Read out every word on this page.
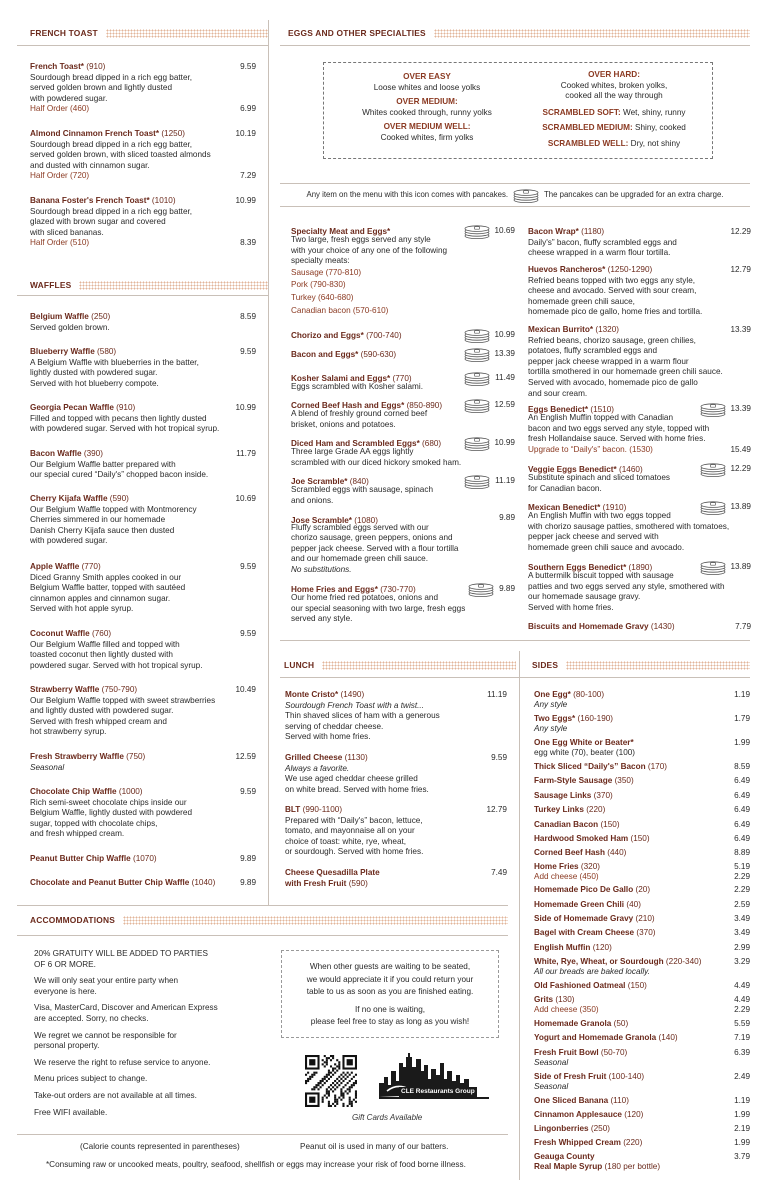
FRENCH TOAST
French Toast* (910)	9.59
Sourdough bread dipped in a rich egg batter,
served golden brown and lightly dusted
with powdered sugar.
Half Order (460)	6.99
Almond Cinnamon French Toast* (1250)	10.19
Sourdough bread dipped in a rich egg batter,
served golden brown, with sliced toasted almonds
and dusted with cinnamon sugar.
Half Order (720)	7.29
Banana Foster's French Toast* (1010)	10.99
Sourdough bread dipped in a rich egg batter,
glazed with brown sugar and covered
with sliced bananas.
Half Order (510)	8.39
WAFFLES
Belgium Waffle (250)	8.59
Served golden brown.
Blueberry Waffle (580)	9.59
A Belgium Waffle with blueberries in the batter,
lightly dusted with powdered sugar.
Served with hot blueberry compote.
Georgia Pecan Waffle (910)	10.99
Filled and topped with pecans then lightly dusted
with powdered sugar. Served with hot tropical syrup.
Bacon Waffle (390)	11.79
Our Belgium Waffle batter prepared with
our special cured “Daily's” chopped bacon inside.
Cherry Kijafa Waffle (590)	10.69
Our Belgium Waffle topped with Montmorency
Cherries simmered in our homemade
Danish Cherry Kijafa sauce then dusted
with powdered sugar.
Apple Waffle (770)	9.59
Diced Granny Smith apples cooked in our
Belgium Waffle batter, topped with sautéed
cinnamon apples and cinnamon sugar.
Served with hot apple syrup.
Coconut Waffle (760)	9.59
Our Belgium Waffle filled and topped with
toasted coconut then lightly dusted with
powdered sugar. Served with hot tropical syrup.
Strawberry Waffle (750-790)	10.49
Our Belgium Waffle topped with sweet strawberries
and lightly dusted with powdered sugar.
Served with fresh whipped cream and
hot strawberry syrup.
Fresh Strawberry Waffle (750)	12.59
Seasonal
Chocolate Chip Waffle (1000)	9.59
Rich semi-sweet chocolate chips inside our
Belgium Waffle, lightly dusted with powdered
sugar, topped with chocolate chips,
and fresh whipped cream.
Peanut Butter Chip Waffle (1070)	9.89
Chocolate and Peanut Butter Chip Waffle (1040)	9.89
EGGS AND OTHER SPECIALTIES
OVER EASY
Loose whites and loose yolks
OVER MEDIUM:
Whites cooked through, runny yolks
OVER MEDIUM WELL:
Cooked whites, firm yolks
OVER HARD:
Cooked whites, broken yolks,
cooked all the way through
SCRAMBLED SOFT: Wet, shiny, runny
SCRAMBLED MEDIUM: Shiny, cooked
SCRAMBLED WELL: Dry, not shiny
Any item on the menu with this icon comes with pancakes.	The pancakes can be upgraded for an extra charge.
Specialty Meat and Eggs*	10.69
Two large, fresh eggs served any style
with your choice of any one of the following
specialty meats:
Sausage (770-810)
Pork (790-830)
Turkey (640-680)
Canadian bacon (570-610)
Chorizo and Eggs* (700-740)	10.99
Bacon and Eggs* (590-630)	13.39
Kosher Salami and Eggs* (770)	11.49
Eggs scrambled with Kosher salami.
Corned Beef Hash and Eggs* (850-890)	12.59
A blend of freshly ground corned beef
brisket, onions and potatoes.
Diced Ham and Scrambled Eggs* (680)	10.99
Three large Grade AA eggs lightly
scrambled with our diced hickory smoked ham.
Joe Scramble* (840)	11.19
Scrambled eggs with sausage, spinach
and onions.
Jose Scramble* (1080)	9.89
Fluffy scrambled eggs served with our
chorizo sausage, green peppers, onions and
pepper jack cheese. Served with a flour tortilla
and our homemade green chili sauce.
No substitutions.
Home Fries and Eggs* (730-770)	9.89
Our home fried red potatoes, onions and
our special seasoning with two large, fresh eggs
served any style.
Bacon Wrap* (1180)	12.29
Daily's” bacon, fluffy scrambled eggs and
cheese wrapped in a warm flour tortilla.
Huevos Rancheros* (1250-1290)	12.79
Refried beans topped with two eggs any style,
cheese and avocado. Served with sour cream,
homemade green chili sauce,
homemade pico de gallo, home fries and tortilla.
Mexican Burrito* (1320)	13.39
Refried beans, chorizo sausage, green chilies,
potatoes, fluffy scrambled eggs and
pepper jack cheese wrapped in a warm flour
tortilla smothered in our homemade green chili sauce.
Served with avocado, homemade pico de gallo
and sour cream.
Eggs Benedict* (1510)	13.39
An English Muffin topped with Canadian
bacon and two eggs served any style, topped with
fresh Hollandaise sauce. Served with home fries.
Upgrade to “Daily's” bacon. (1530)	15.49
Veggie Eggs Benedict* (1460)	12.29
Substitute spinach and sliced tomatoes
for Canadian bacon.
Mexican Benedict* (1910)	13.89
An English Muffin with two eggs topped
with chorizo sausage patties, smothered with tomatoes,
pepper jack cheese and served with
homemade green chili sauce and avocado.
Southern Eggs Benedict* (1890)	13.89
A buttermilk biscuit topped with sausage
patties and two eggs served any style, smothered with
our homemade sausage gravy.
Served with home fries.
Biscuits and Homemade Gravy (1430)	7.79
LUNCH
Monte Cristo* (1490)	11.19
Sourdough French Toast with a twist...
Thin shaved slices of ham with a generous
serving of cheddar cheese.
Served with home fries.
Grilled Cheese (1130)	9.59
Always a favorite.
We use aged cheddar cheese grilled
on white bread. Served with home fries.
BLT (990-1100)	12.79
Prepared with “Daily's” bacon, lettuce,
tomato, and mayonnaise all on your
choice of toast: white, rye, wheat,
or sourdough. Served with home fries.
Cheese Quesadilla Plate
with Fresh Fruit (590)
7.49
SIDES
One Egg* (80-100)	1.19
Any style
Two Eggs* (160-190)	1.79
Any style
One Egg White or Beater*	1.99
egg white (70), beater (100)
Thick Sliced “Daily's” Bacon (170)	8.59
Farm-Style Sausage (350)	6.49
Sausage Links (370)	6.49
Turkey Links (220)	6.49
Canadian Bacon (150)	6.49
Hardwood Smoked Ham (150)	6.49
Corned Beef Hash (440)	8.89
Home Fries (320)	5.19
Add cheese (450)	2.29
Homemade Pico De Gallo (20)	2.29
Homemade Green Chili (40)	2.59
Side of Homemade Gravy (210)	3.49
Bagel with Cream Cheese (370)	3.49
English Muffin (120)	2.99
White, Rye, Wheat, or Sourdough (220-340)	3.29
All our breads are baked locally.
Old Fashioned Oatmeal (150)	4.49
Grits (130)	4.49
Add cheese (350)	2.29
Homemade Granola (50)	5.59
Yogurt and Homemade Granola (140)	7.19
Fresh Fruit Bowl (50-70)	6.39
Seasonal
Side of Fresh Fruit (100-140)	2.49
Seasonal
One Sliced Banana (110)	1.19
Cinnamon Applesauce (120)	1.99
Lingonberries (250)	2.19
Fresh Whipped Cream (220)	1.99
Geauga County
Real Maple Syrup (180 per bottle)
3.79
ACCOMMODATIONS

20% GRATUITY WILL BE ADDED TO PARTIES
OF 6 OR MORE.

We will only seat your entire party when
everyone is here.

Visa, MasterCard, Discover and American Express
are accepted. Sorry, no checks.

We regret we cannot be responsible for
personal property.

We reserve the right to refuse service to anyone.

Menu prices subject to change.

Take-out orders are not available at all times.

Free WIFI available.

When other guests are waiting to be seated,
we would appreciate it if you could return your
table to us as soon as you are finished eating.
If no one is waiting,
please feel free to stay as long as you wish!
CLE Restaurants Group
Gift Cards Available
(Calorie counts represented in parentheses)	Peanut oil is used in many of our batters.
*Consuming raw or uncooked meats, poultry, seafood, shellfish or eggs may increase your risk of food borne illness.
